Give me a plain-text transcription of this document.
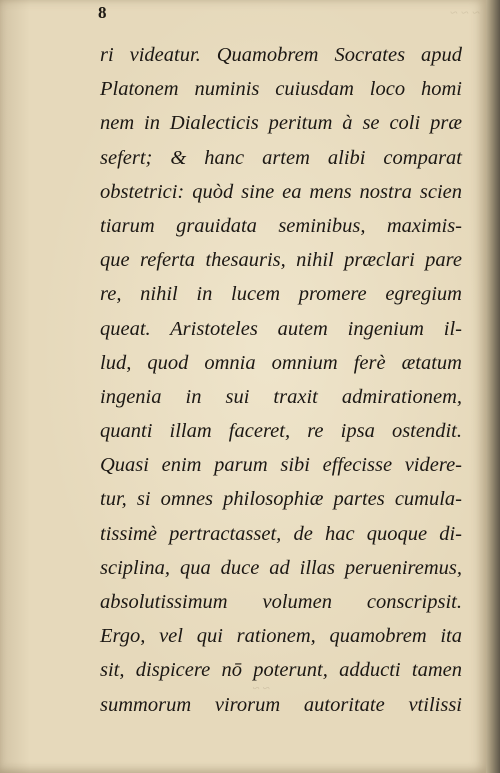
~ ~ ~
~ ~
8
ri videatur. Quamobrem Socrates apud
Platonem numinis cuiusdam loco homi
nem in Dialecticis peritum à se coli præ
sefert; & hanc artem alibi comparat
obstetrici: quòd sine ea mens nostra scien
tiarum grauidata seminibus, maximis-
que referta thesauris, nihil præclari pare
re, nihil in lucem promere egregium
queat. Aristoteles autem ingenium il-
lud, quod omnia omnium ferè ætatum
ingenia in sui traxit admirationem,
quanti illam faceret, re ipsa ostendit.
Quasi enim parum sibi effecisse videre-
tur, si omnes philosophiæ partes cumula-
tissimè pertractasset, de hac quoque di-
sciplina, qua duce ad illas perueniremus,
absolutissimum volumen conscripsit.
Ergo, vel qui rationem, quamobrem ita
sit, dispicere nō poterunt, adducti tamen
summorum virorum autoritate vtilissi
